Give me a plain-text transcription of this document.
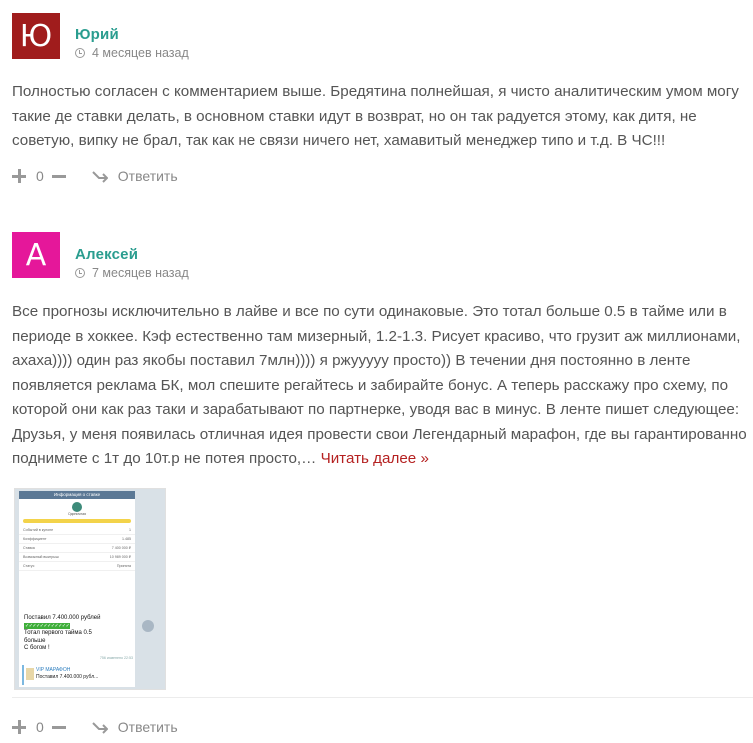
Ю	Юрий
4 месяцев назад

Полностью согласен с комментарием выше. Бредятина полнейшая, я чисто аналитическим умом могу такие де ставки делать, в основном ставки идут в возврат, но он так радуется этому, как дитя, не советую, випку не брал, так как не связи ничего нет, хамавитый менеджер типо и т.д. В ЧС!!!

0	Ответить
А	Алексей
7 месяцев назад

Все прогнозы исключительно в лайве и все по сути одинаковые. Это тотал больше 0.5 в тайме или в периоде в хоккее. Кэф естественно там мизерный, 1.2-1.3. Рисует красиво, что грузит аж миллионами, ахаха)))) один раз якобы поставил 7млн)))) я ржууууу просто)) В течении дня постоянно в ленте появляется реклама БК, мол спешите регайтесь и забирайте бонус. А теперь расскажу про схему, по которой они как раз таки и зарабатывают по партнерке, уводя вас в минус. В ленте пишет следующее: Друзья, у меня появилась отличная идея провести свои Легендарный марафон, где вы гарантированно поднимете с 1т до 10т.р не потея просто,… Читать далее »

Информация о ставке
Одиночная
Событий в купоне	1
Коэффициент	1.485
Ставка	7 400 000 ₽
Возможный выигрыш	10 989 000 ₽
Статус	Принята
Поставил 7.400.000 рублей
✓✓✓✓✓✓✓✓✓✓✓✓
Тотал первого тайма 0.5
больше
С богом !
756 изменено 22:53
VIP МАРАФОН
Поставил 7.400.000 рубл...
0	Ответить
